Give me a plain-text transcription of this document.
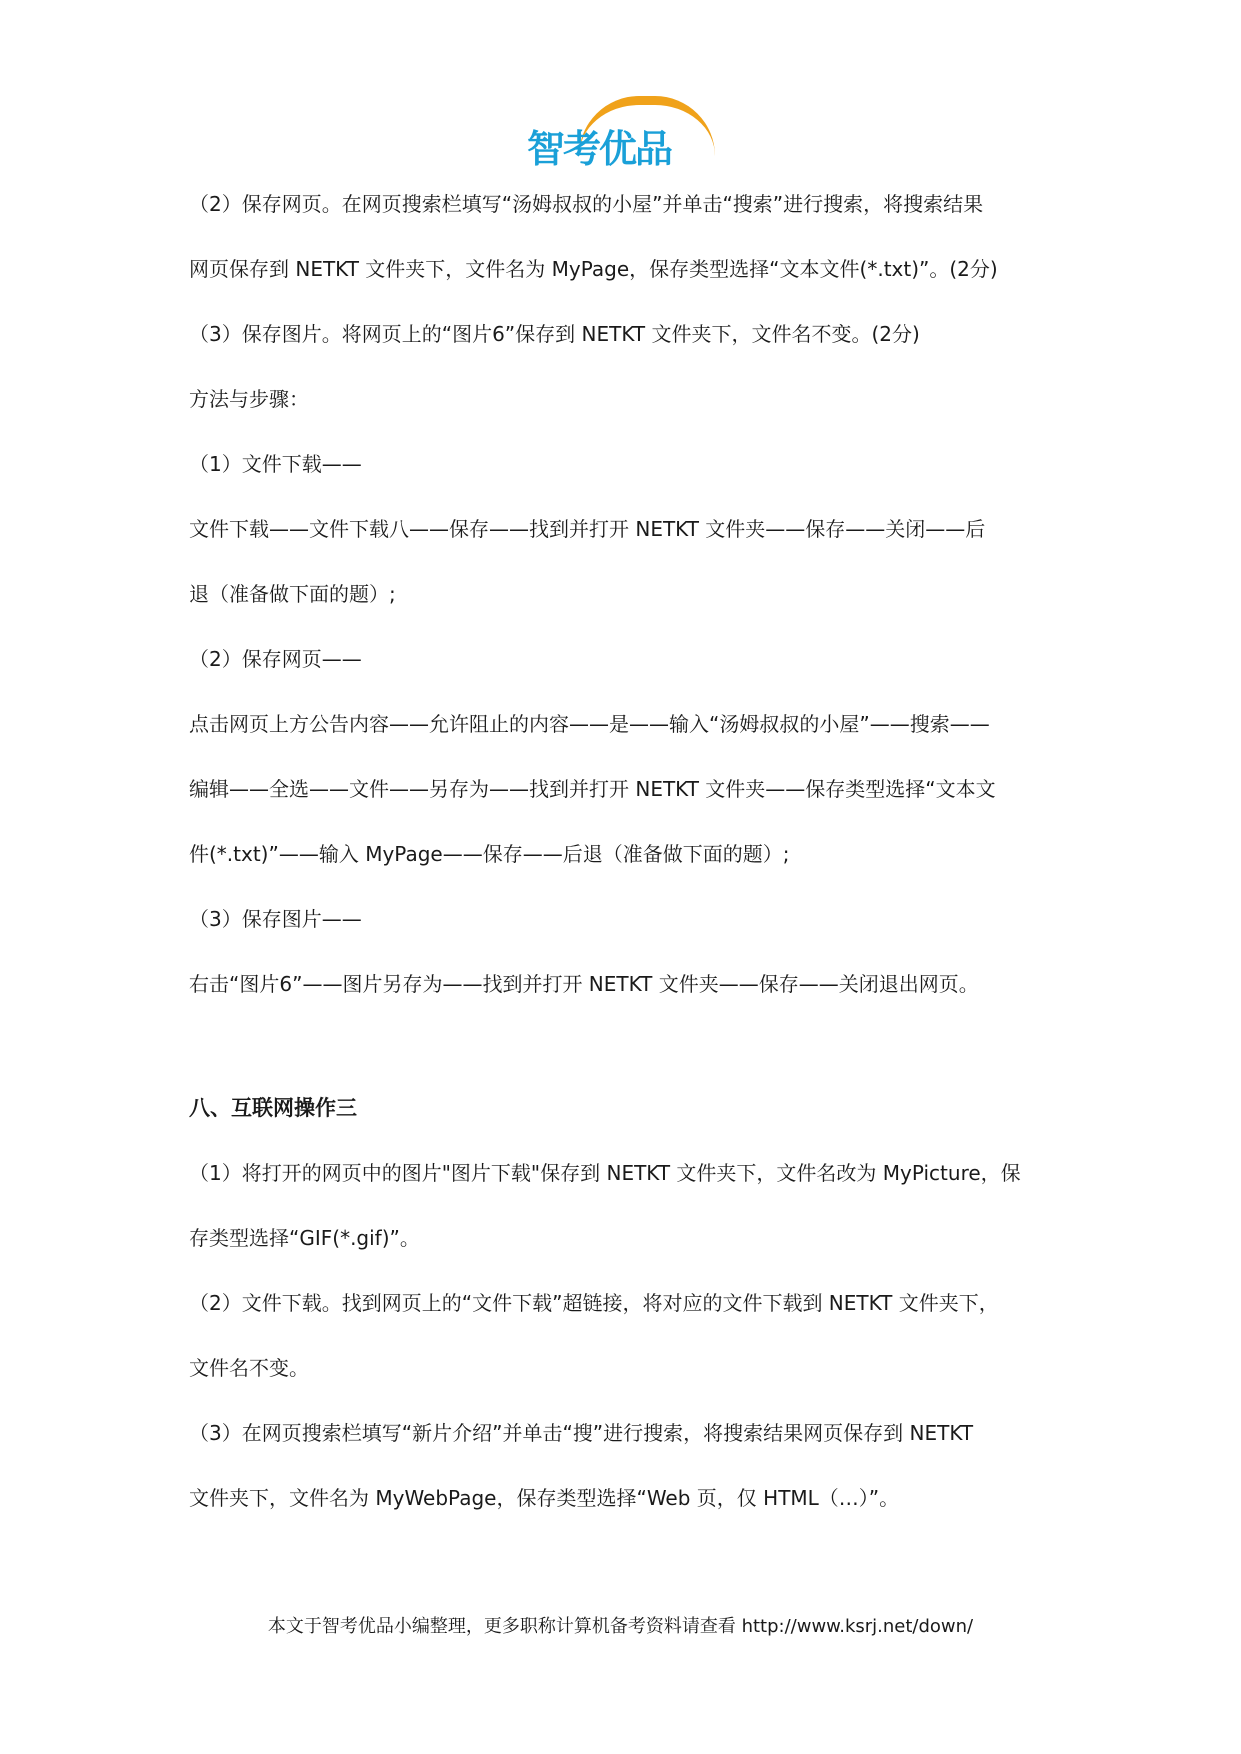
智考优品

（2）保存网页。在网页搜索栏填写“汤姆叔叔的小屋”并单击“搜索”进行搜索，将搜索结果

网页保存到 NETKT 文件夹下，文件名为 MyPage，保存类型选择“文本文件(*.txt)”。(2分)

（3）保存图片。将网页上的“图片6”保存到 NETKT 文件夹下，文件名不变。(2分)

方法与步骤：

（1）文件下载——

文件下载——文件下载八——保存——找到并打开 NETKT 文件夹——保存——关闭——后

退（准备做下面的题）;

（2）保存网页——

点击网页上方公告内容——允许阻止的内容——是——输入“汤姆叔叔的小屋”——搜索——

编辑——全选——文件——另存为——找到并打开 NETKT 文件夹——保存类型选择“文本文

件(*.txt)”——输入 MyPage——保存——后退（准备做下面的题）;

（3）保存图片——

右击“图片6”——图片另存为——找到并打开 NETKT 文件夹——保存——关闭退出网页。

八、互联网操作三

（1）将打开的网页中的图片"图片下载"保存到 NETKT 文件夹下，文件名改为 MyPicture，保

存类型选择“GIF(*.gif)”。

（2）文件下载。找到网页上的“文件下载”超链接，将对应的文件下载到 NETKT 文件夹下，

文件名不变。

（3）在网页搜索栏填写“新片介绍”并单击“搜”进行搜索，将搜索结果网页保存到 NETKT

文件夹下，文件名为 MyWebPage，保存类型选择“Web 页，仅 HTML（…）”。

本文于智考优品小编整理，更多职称计算机备考资料请查看 http://www.ksrj.net/down/
